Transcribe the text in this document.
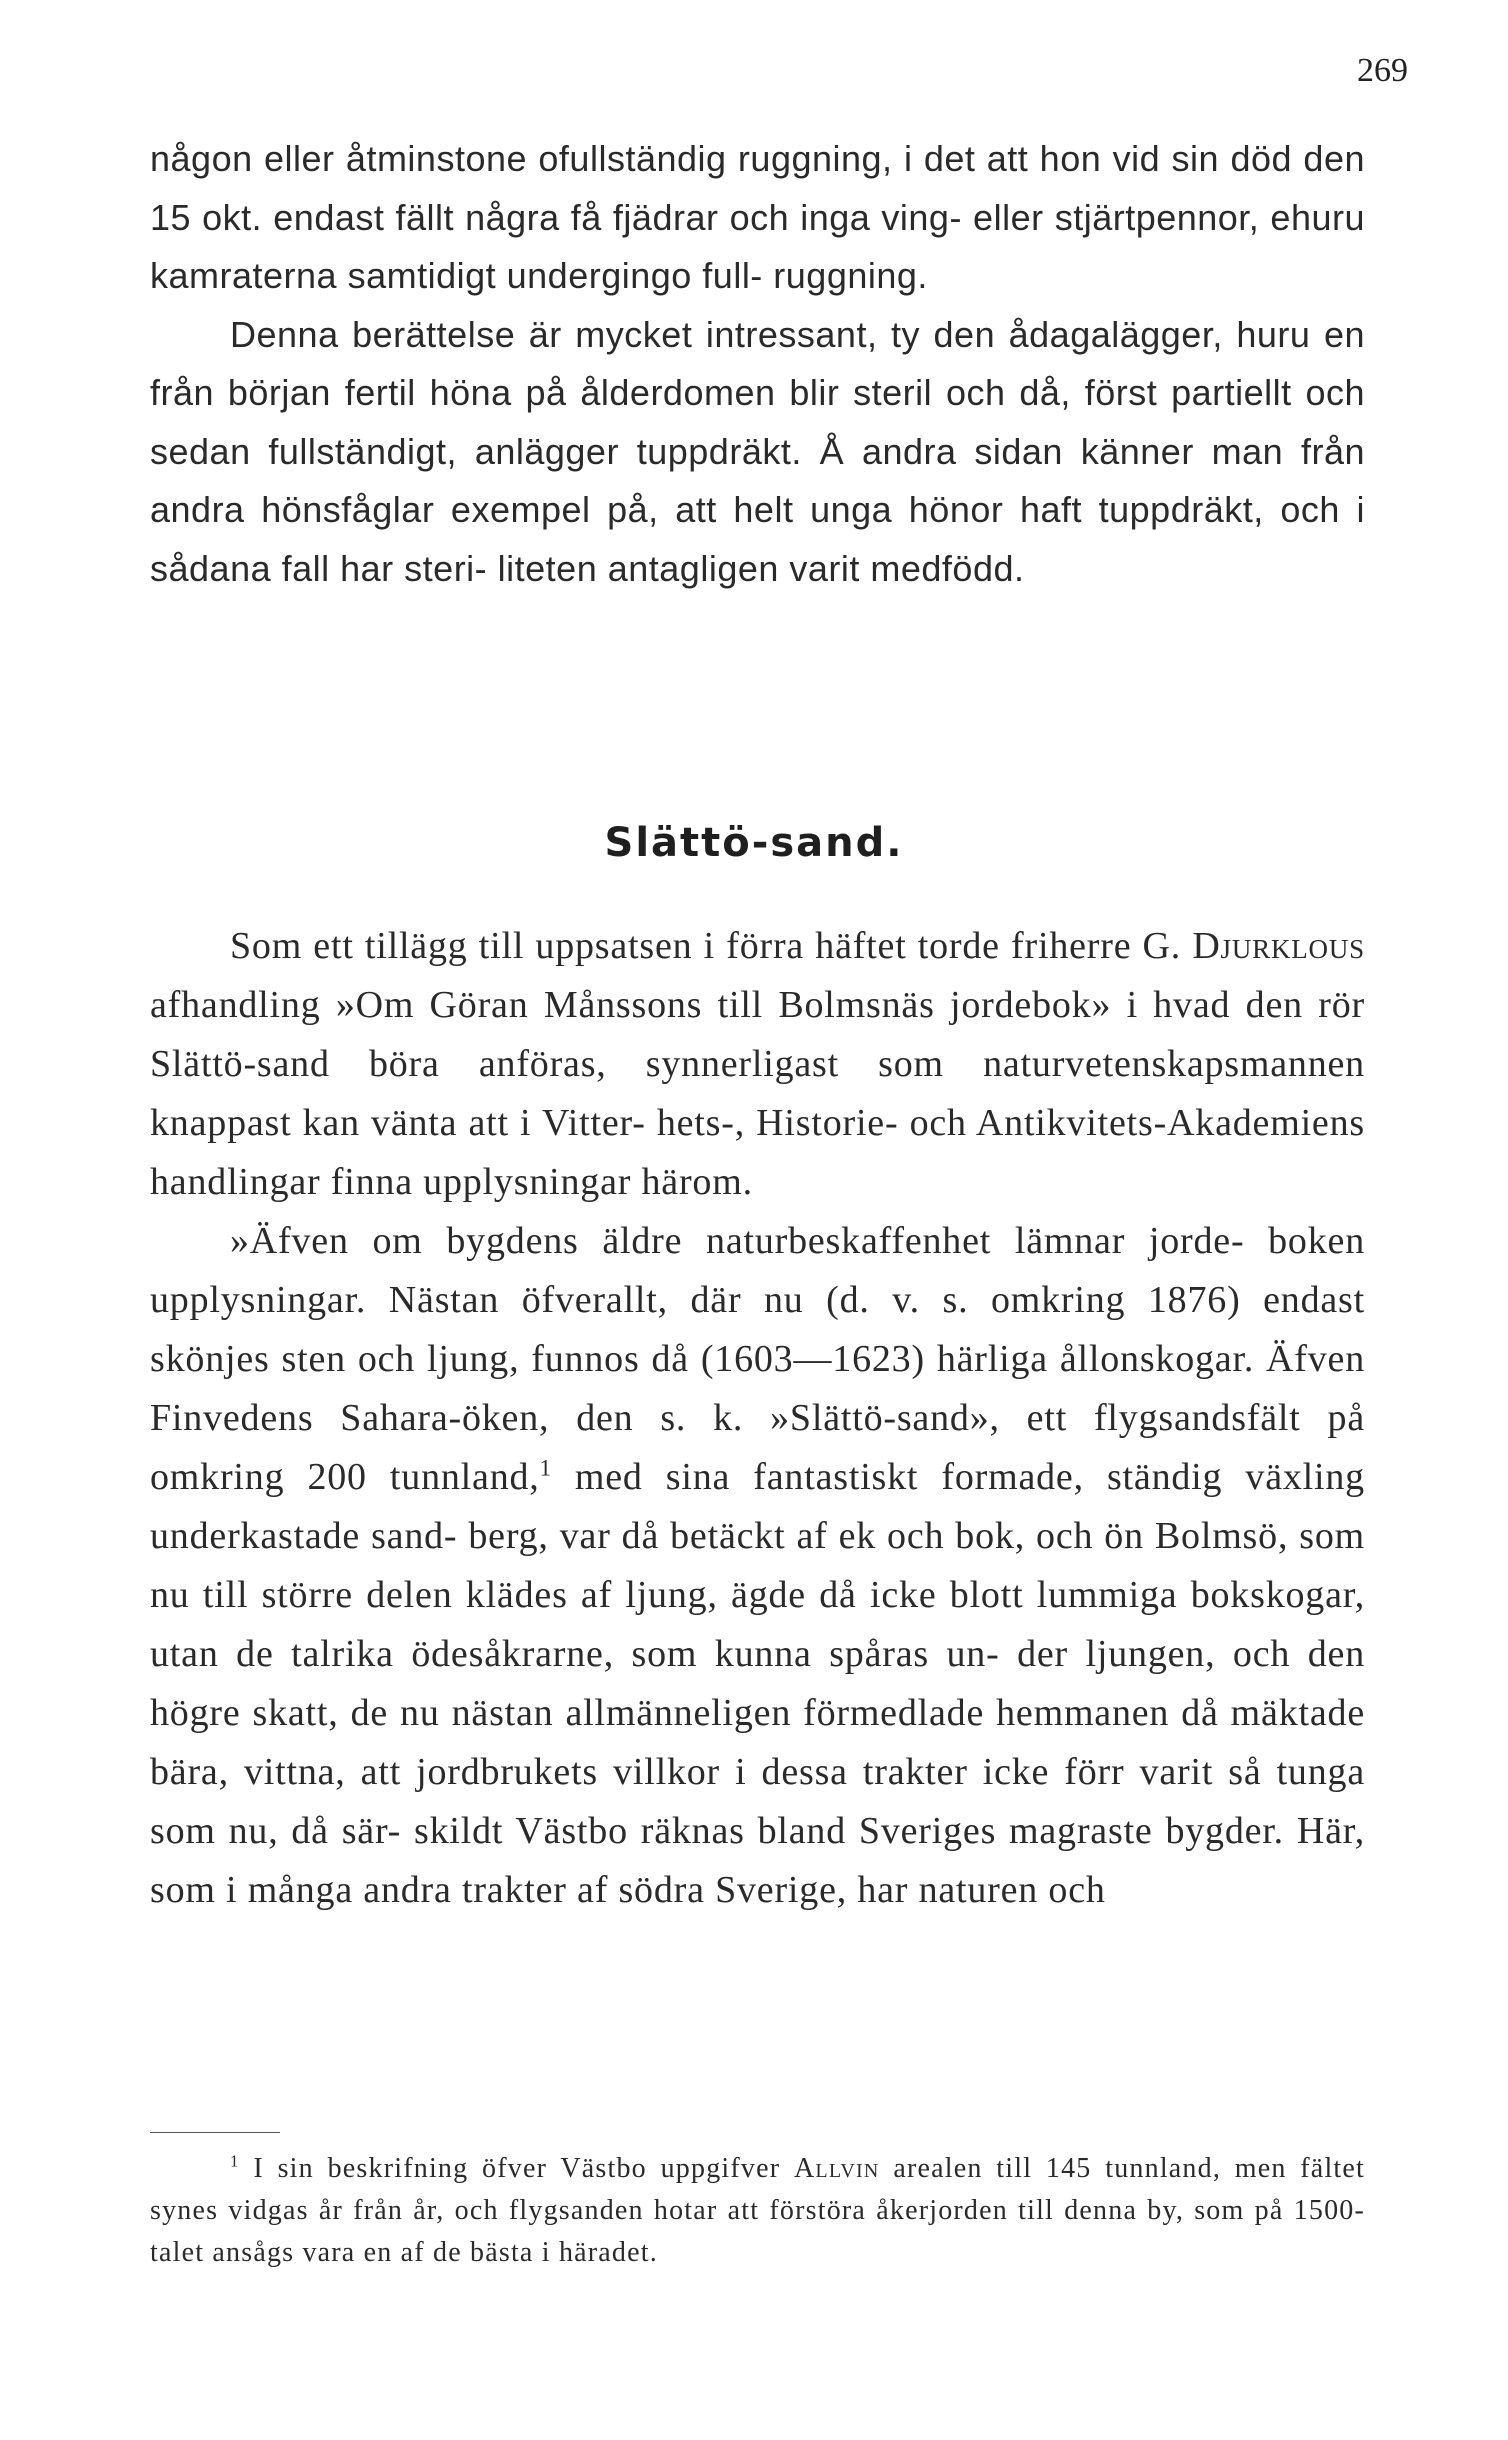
269

någon eller åtminstone ofullständig ruggning, i det att hon vid sin död den 15 okt. endast fällt några få fjädrar och inga ving- eller stjärtpennor, ehuru kamraterna samtidigt undergingo full- ruggning.

Denna berättelse är mycket intressant, ty den ådagalägger, huru en från början fertil höna på ålderdomen blir steril och då, först partiellt och sedan fullständigt, anlägger tuppdräkt. Å andra sidan känner man från andra hönsfåglar exempel på, att helt unga hönor haft tuppdräkt, och i sådana fall har steri- liteten antagligen varit medfödd.

Slättö-sand.

Som ett tillägg till uppsatsen i förra häftet torde friherre G. Djurklous afhandling »Om Göran Månssons till Bolmsnäs jordebok» i hvad den rör Slättö-sand böra anföras, synnerligast som naturvetenskapsmannen knappast kan vänta att i Vitter- hets-, Historie- och Antikvitets-Akademiens handlingar finna upplysningar härom.

»Äfven om bygdens äldre naturbeskaffenhet lämnar jorde- boken upplysningar. Nästan öfverallt, där nu (d. v. s. omkring 1876) endast skönjes sten och ljung, funnos då (1603—1623) härliga ållonskogar. Äfven Finvedens Sahara-öken, den s. k. »Slättö-sand», ett flygsandsfält på omkring 200 tunnland,$^1$ med sina fantastiskt formade, ständig växling underkastade sand- berg, var då betäckt af ek och bok, och ön Bolmsö, som nu till större delen klädes af ljung, ägde då icke blott lummiga bokskogar, utan de talrika ödesåkrarne, som kunna spåras un- der ljungen, och den högre skatt, de nu nästan allmänneligen förmedlade hemmanen då mäktade bära, vittna, att jordbrukets villkor i dessa trakter icke förr varit så tunga som nu, då sär- skildt Västbo räknas bland Sveriges magraste bygder. Här, som i många andra trakter af södra Sverige, har naturen och

$^1$ I sin beskrifning öfver Västbo uppgifver Allvin arealen till 145 tunnland, men fältet synes vidgas år från år, och flygsanden hotar att förstöra åkerjorden till denna by, som på 1500-talet ansågs vara en af de bästa i häradet.
